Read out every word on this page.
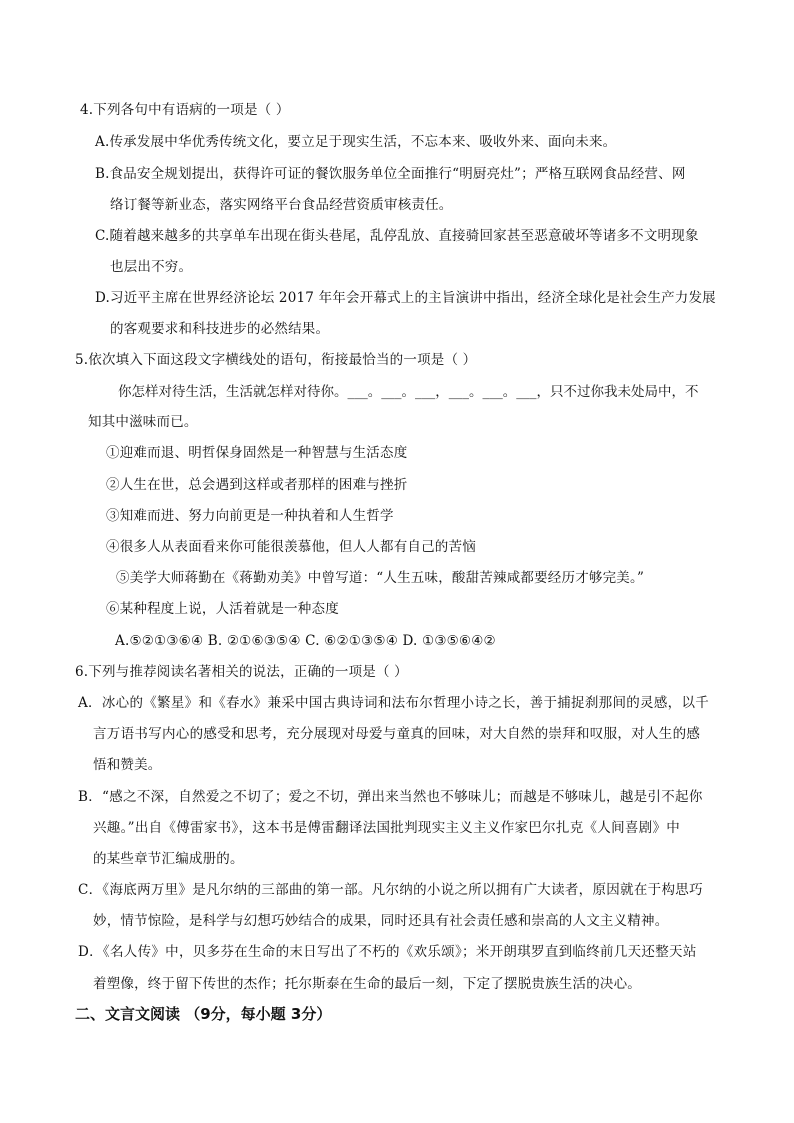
4.下列各句中有语病的一项是（ ）
A.传承发展中华优秀传统文化，要立足于现实生活，不忘本来、吸收外来、面向未来。
B.食品安全规划提出，获得许可证的餐饮服务单位全面推行“明厨亮灶”；严格互联网食品经营、网
络订餐等新业态，落实网络平台食品经营资质审核责任。
C.随着越来越多的共享单车出现在街头巷尾，乱停乱放、直接骑回家甚至恶意破坏等诸多不文明现象
也层出不穷。
D.习近平主席在世界经济论坛 2017 年年会开幕式上的主旨演讲中指出，经济全球化是社会生产力发展
的客观要求和科技进步的必然结果。
5.依次填入下面这段文字横线处的语句，衔接最恰当的一项是（ ）
你怎样对待生活，生活就怎样对待你。___。___。___，___。___。___，只不过你我未处局中，不
知其中滋味而已。
①迎难而退、明哲保身固然是一种智慧与生活态度
②人生在世，总会遇到这样或者那样的困难与挫折
③知难而进、努力向前更是一种执着和人生哲学
④很多人从表面看来你可能很羡慕他，但人人都有自己的苦恼
⑤美学大师蒋勤在《蒋勤劝美》中曾写道：“人生五味，酸甜苦辣咸都要经历才够完美。”
⑥某种程度上说，人活着就是一种态度
A.⑤②①③⑥④ B. ②①⑥③⑤④ C. ⑥②①③⑤④ D. ①③⑤⑥④②
6.下列与推荐阅读名著相关的说法，正确的一项是（ ）
A．冰心的《繁星》和《春水》兼采中国古典诗词和法布尔哲理小诗之长，善于捕捉刹那间的灵感，以千
言万语书写内心的感受和思考，充分展现对母爱与童真的回味，对大自然的崇拜和叹服，对人生的感
悟和赞美。
B．“感之不深，自然爱之不切了；爱之不切，弹出来当然也不够味儿；而越是不够味儿，越是引不起你
兴趣。”出自《傅雷家书》，这本书是傅雷翻译法国批判现实主义主义作家巴尔扎克《人间喜剧》中
的某些章节汇编成册的。
C．《海底两万里》是凡尔纳的三部曲的第一部。凡尔纳的小说之所以拥有广大读者，原因就在于构思巧
妙，情节惊险，是科学与幻想巧妙结合的成果，同时还具有社会责任感和崇高的人文主义精神。
D．《名人传》中，贝多芬在生命的末日写出了不朽的《欢乐颂》；米开朗琪罗直到临终前几天还整天站
着塑像，终于留下传世的杰作；托尔斯泰在生命的最后一刻，下定了摆脱贵族生活的决心。
二、文言文阅读 （9分，每小题 3分）
